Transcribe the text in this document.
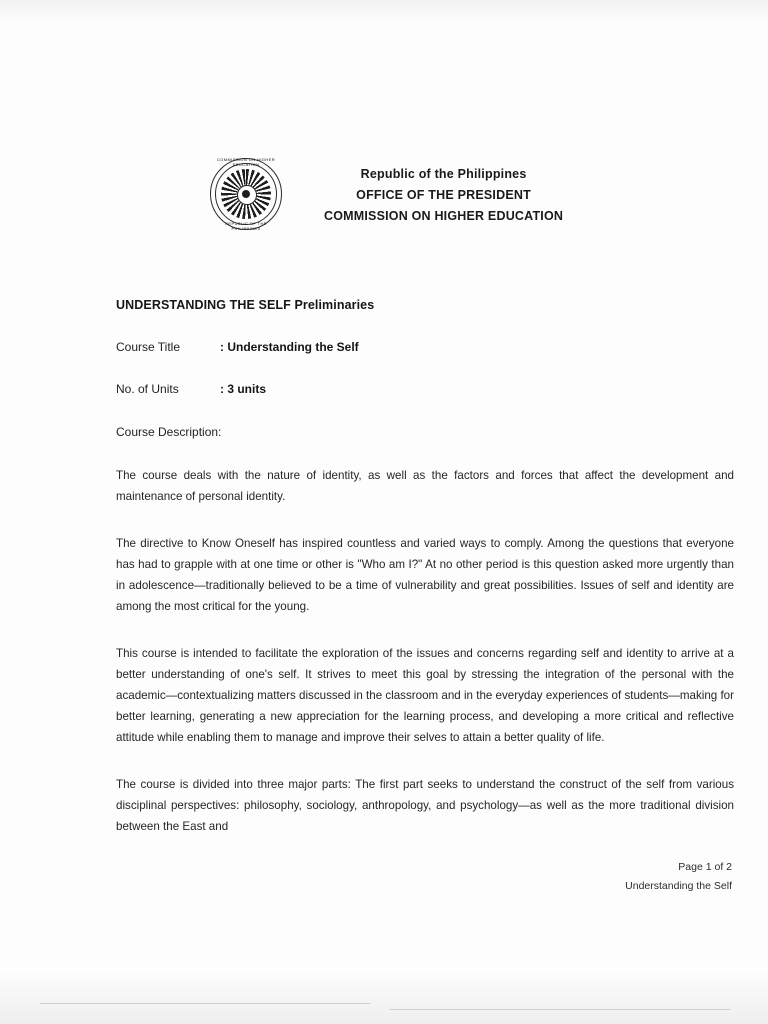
COMMISSION ON HIGHER EDUCATION
REPUBLIC OF THE PHILIPPINES
Republic of the Philippines
OFFICE OF THE PRESIDENT
COMMISSION ON HIGHER EDUCATION
UNDERSTANDING THE SELF Preliminaries
Course Title	: Understanding the Self
No. of Units	: 3 units
Course Description:

The course deals with the nature of identity, as well as the factors and forces that affect the development and maintenance of personal identity.

The directive to Know Oneself has inspired countless and varied ways to comply. Among the questions that everyone has had to grapple with at one time or other is "Who am I?" At no other period is this question asked more urgently than in adolescence—traditionally believed to be a time of vulnerability and great possibilities. Issues of self and identity are among the most critical for the young.

This course is intended to facilitate the exploration of the issues and concerns regarding self and identity to arrive at a better understanding of one's self. It strives to meet this goal by stressing the integration of the personal with the academic—contextualizing matters discussed in the classroom and in the everyday experiences of students—making for better learning, generating a new appreciation for the learning process, and developing a more critical and reflective attitude while enabling them to manage and improve their selves to attain a better quality of life.

The course is divided into three major parts: The first part seeks to understand the construct of the self from various disciplinal perspectives: philosophy, sociology, anthropology, and psychology—as well as the more traditional division between the East and

Page 1 of 2
Understanding the Self
